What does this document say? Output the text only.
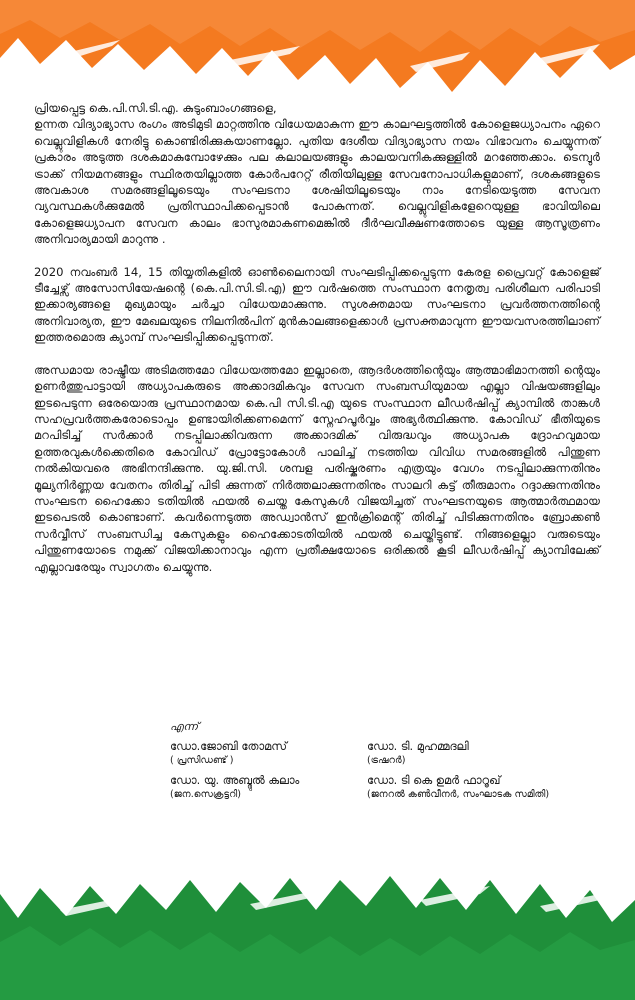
പ്രിയപ്പെട്ട കെ.പി.സി.ടി.എ. കുടുംബാംഗങ്ങളെ,

ഉന്നത വിദ്യാഭ്യാസ രംഗം അടിമുടി മാറ്റത്തിനു വിധേയമാകുന്ന ഈ കാലഘട്ടത്തിൽ കോളെജധ്യാപനം ഏറെ വെല്ലുവിളികൾ നേരിട്ടു കൊണ്ടിരിക്കുകയാണല്ലോ. പുതിയ ദേശീയ വിദ്യാഭ്യാസ നയം വിഭാവനം ചെയ്യുന്നത് പ്രകാരം അടുത്ത ദശകമാകുമ്പോഴേക്കും പല കലാലയങ്ങളും കാലയവനികക്കുള്ളിൽ മറഞ്ഞേക്കാം. ടെന്വുർ ട്രാക്ക് നിയമനങ്ങളും സ്ഥിരതയില്ലാത്ത കോർപറേറ്റ് രീതിയിലുള്ള സേവനോപാധികളുമാണ്, ദശകങ്ങളുടെ അവകാശ സമരങ്ങളിലൂടെയും സംഘടനാ ശേഷിയിലൂടെയും നാം നേടിയെടുത്ത സേവന വ്യവസ്ഥകൾക്കുമേൽ പ്രതിസ്ഥാപിക്കപ്പെടാൻ പോകുന്നത്. വെല്ലുവിളികളേറെയുള്ള ഭാവിയിലെ കോളെജധ്യാപന സേവന കാലം ഭാസുരമാകണമെങ്കിൽ ദീർഘവീക്ഷണത്തോടെ യുള്ള ആസൂത്രണം അനിവാര്യമായി മാറുന്നു .

2020 നവംബർ 14, 15 തിയ്യതികളിൽ ഓൺലൈനായി സംഘടിപ്പിക്കപ്പെടുന്ന കേരള പ്രൈവറ്റ് കോളെജ് ടീച്ചേഴ്സ് അസോസിയേഷന്റെ (കെ.പി.സി.ടി.എ) ഈ വർഷത്തെ സംസ്ഥാന നേതൃത്വ പരിശീലന പരിപാടി ഇക്കാര്യങ്ങളെ മുഖ്യമായും ചർച്ചാ വിധേയമാക്കുന്നു. സുശക്തമായ സംഘടനാ പ്രവർത്തനത്തിന്റെ അനിവാര്യത, ഈ മേഖലയുടെ നിലനിൽപിന് മുൻകാലങ്ങളെക്കാൾ പ്രസക്തമാവുന്ന ഈയവസരത്തിലാണ് ഇത്തരമൊരു ക്യാമ്പ് സംഘടിപ്പിക്കപ്പെടുന്നത്.

അന്ധമായ രാഷ്ട്രീയ അടിമത്തമോ വിധേയത്തമോ ഇല്ലാതെ, ആദർശത്തിന്റെയും ആത്മാഭിമാനത്തി ന്റെയും ഉണർത്തുപാട്ടായി അധ്യാപകരുടെ അക്കാദമികവും സേവന സംബന്ധിയുമായ എല്ലാ വിഷയങ്ങളിലും ഇടപെടുന്ന ഒരേയൊരു പ്രസ്ഥാനമായ കെ.പി സി.ടി.എ യുടെ സംസ്ഥാന ലീഡർഷിപ്പ് ക്യാമ്പിൽ താങ്കൾ സഹപ്രവർത്തകരോടൊപ്പം ഉണ്ടായിരിക്കണമെന്ന് സ്നേഹപൂർവ്വം അഭ്യർത്ഥിക്കുന്നു. കോവിഡ് ഭീതിയുടെ മറപിടിച്ച് സർക്കാർ നടപ്പിലാക്കിവരുന്ന അക്കാദമിക് വിരുദ്ധവും അധ്യാപക ദ്രോഹവുമായ ഉത്തരവുകൾക്കെതിരെ കോവിഡ് പ്രോട്ടോകോൾ പാലിച്ച് നടത്തിയ വിവിധ സമരങ്ങളിൽ പിന്തുണ നൽകിയവരെ അഭിനന്ദിക്കുന്നു. യു.ജി.സി. ശമ്പള പരിഷ്കരണം എത്രയും വേഗം നടപ്പിലാക്കുന്നതിനും മൂല്യനിർണ്ണയ വേതനം തിരിച്ച് പിടി ക്കുന്നത് നിർത്തലാക്കുന്നതിനും സാലറി കട്ട് തീരുമാനം റദ്ദാക്കുന്നതിനും സംഘടന ഹൈക്കോ ടതിയിൽ ഫയൽ ചെയ്ത കേസുകൾ വിജയിച്ചത് സംഘടനയുടെ ആത്മാർത്ഥമായ ഇടപെടൽ കൊണ്ടാണ്. കവർന്നെടുത്ത അഡ്വാൻസ് ഇൻക്രിമെന്റ് തിരിച്ച് പിടിക്കുന്നതിനും ബ്രോക്കൺ സർവ്വീസ് സംബന്ധിച്ച കേസുകളും ഹൈക്കോടതിയിൽ ഫയൽ ചെയ്തിട്ടുണ്ട്. നിങ്ങളെല്ലാ വരുടെയും പിന്തുണയോടെ നമുക്ക് വിജയിക്കാനാവും എന്ന പ്രതീക്ഷയോടെ ഒരിക്കൽ കൂടി ലീഡർഷിപ്പ് ക്യാമ്പിലേക്ക് എല്ലാവരേയും സ്വാഗതം ചെയ്യുന്നു.

എന്ന്
ഡോ.ജോബി തോമസ്
( പ്രസിഡണ്ട് )
ഡോ. ടി. മുഹമ്മദലി
(ട്രഷറർ)
ഡോ. യു. അബ്ദുൽ കലാം
(ജന.സെക്രട്ടറി)
ഡോ. ടി കെ ഉമർ ഫാറൂഖ്
(ജനറൽ കൺവീനർ, സംഘാടക സമിതി)
